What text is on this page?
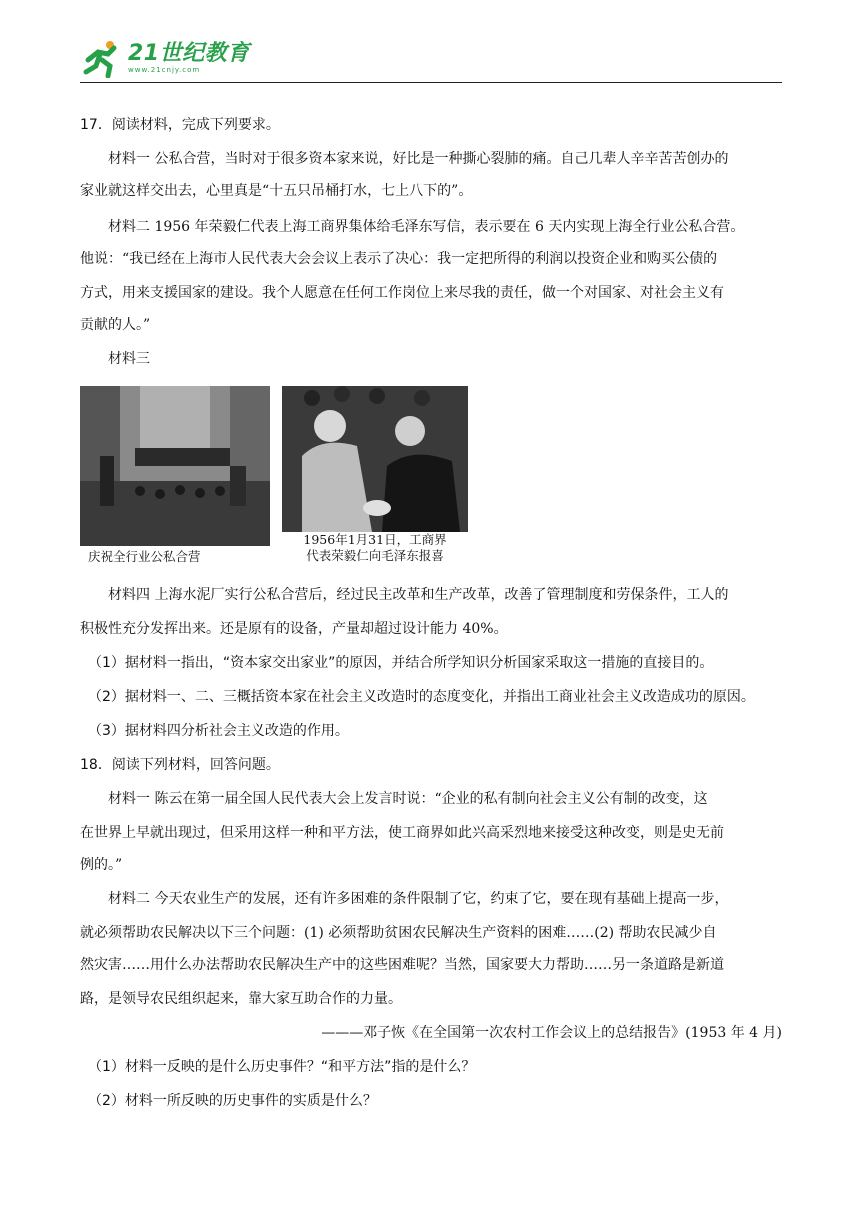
21世纪教育
www.21cnjy.com
17．阅读材料，完成下列要求。
材料一 公私合营，当时对于很多资本家来说，好比是一种撕心裂肺的痛。自己几辈人辛辛苦苦创办的
家业就这样交出去，心里真是“十五只吊桶打水，七上八下的”。
材料二 1956 年荣毅仁代表上海工商界集体给毛泽东写信，表示要在 6 天内实现上海全行业公私合营。
他说：“我已经在上海市人民代表大会会议上表示了决心：我一定把所得的利润以投资企业和购买公债的
方式，用来支援国家的建设。我个人愿意在任何工作岗位上来尽我的责任，做一个对国家、对社会主义有
贡献的人。”
材料三
庆祝全行业公私合营
1956年1月31日，工商界
代表荣毅仁向毛泽东报喜
材料四 上海水泥厂实行公私合营后，经过民主改革和生产改革，改善了管理制度和劳保条件，工人的
积极性充分发挥出来。还是原有的设备，产量却超过设计能力 40%。
（1）据材料一指出，“资本家交出家业”的原因，并结合所学知识分析国家采取这一措施的直接目的。
（2）据材料一、二、三概括资本家在社会主义改造时的态度变化，并指出工商业社会主义改造成功的原因。
（3）据材料四分析社会主义改造的作用。
18．阅读下列材料，回答问题。
材料一 陈云在第一届全国人民代表大会上发言时说：“企业的私有制向社会主义公有制的改变，这
在世界上早就出现过，但采用这样一种和平方法，使工商界如此兴高采烈地来接受这种改变，则是史无前
例的。”
材料二 今天农业生产的发展，还有许多困难的条件限制了它，约束了它，要在现有基础上提高一步，
就必须帮助农民解决以下三个问题：(1) 必须帮助贫困农民解决生产资料的困难……(2) 帮助农民减少自
然灾害……用什么办法帮助农民解决生产中的这些困难呢？当然，国家要大力帮助……另一条道路是新道
路，是领导农民组织起来，靠大家互助合作的力量。
———邓子恢《在全国第一次农村工作会议上的总结报告》(1953 年 4 月)
（1）材料一反映的是什么历史事件？“和平方法”指的是什么？
（2）材料一所反映的历史事件的实质是什么？
